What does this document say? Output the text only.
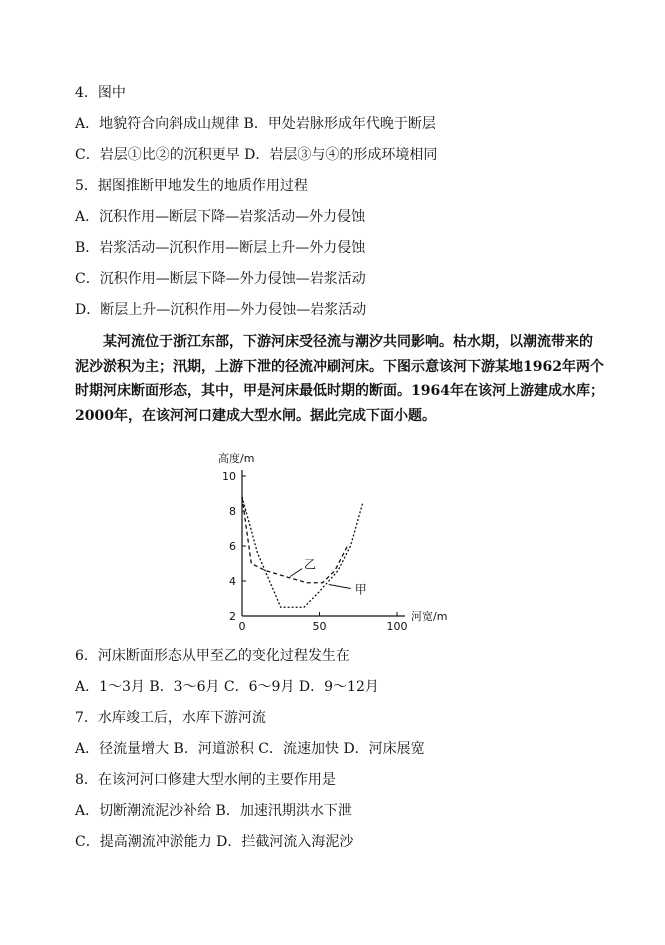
4．图中
A．地貌符合向斜成山规律 B．甲处岩脉形成年代晚于断层
C．岩层①比②的沉积更早 D．岩层③与④的形成环境相同
5．据图推断甲地发生的地质作用过程
A．沉积作用—断层下降—岩浆活动—外力侵蚀
B．岩浆活动—沉积作用—断层上升—外力侵蚀
C．沉积作用—断层下降—外力侵蚀—岩浆活动
D．断层上升—沉积作用—外力侵蚀—岩浆活动
某河流位于浙江东部，下游河床受径流与潮汐共同影响。枯水期，以潮流带来的泥沙淤积为主；汛期，上游下泄的径流冲刷河床。下图示意该河下游某地1962年两个时期河床断面形态，其中，甲是河床最低时期的断面。1964年在该河上游建成水库；2000年，在该河河口建成大型水闸。据此完成下面小题。
2
4
6
8
10
0	50	100
高度/m
河宽/m
甲
乙
6．河床断面形态从甲至乙的变化过程发生在
A．1～3月 B．3～6月 C．6～9月 D．9～12月
7．水库竣工后，水库下游河流
A．径流量增大 B．河道淤积 C．流速加快 D．河床展宽
8．在该河河口修建大型水闸的主要作用是
A．切断潮流泥沙补给 B．加速汛期洪水下泄
C．提高潮流冲淤能力 D．拦截河流入海泥沙
